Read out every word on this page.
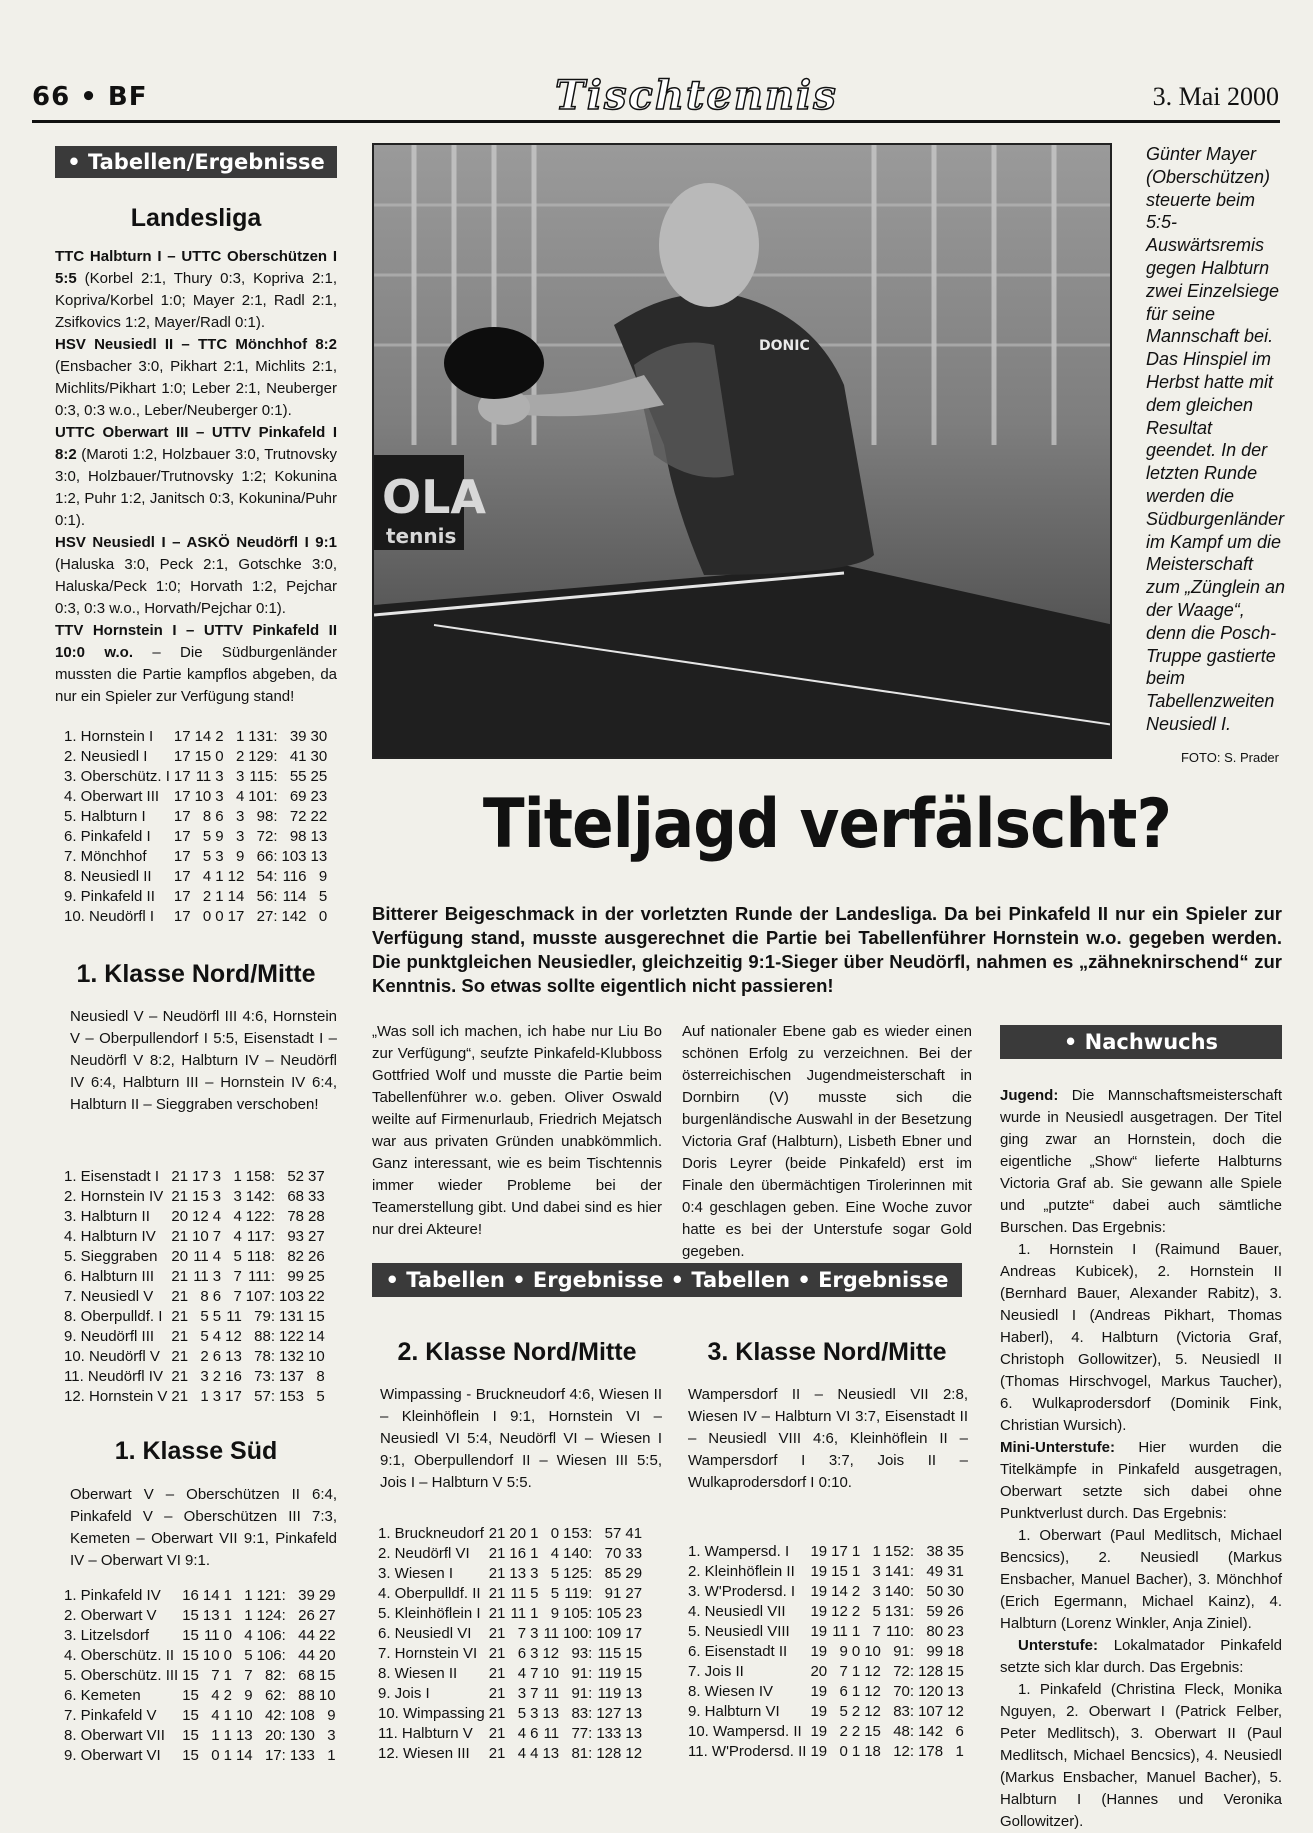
66 • BF	Tischtennis	3. Mai 2000
• Tabellen/Ergebnisse
Landesliga

TTC Halbturn I – UTTC Oberschützen I 5:5 (Korbel 2:1, Thury 0:3, Kopriva 2:1, Kopriva/Korbel 1:0; Mayer 2:1, Radl 2:1, Zsifkovics 1:2, Mayer/Radl 0:1).

HSV Neusiedl II – TTC Mönchhof 8:2 (Ensbacher 3:0, Pikhart 2:1, Michlits 2:1, Michlits/Pikhart 1:0; Leber 2:1, Neuberger 0:3, 0:3 w.o., Leber/Neuberger 0:1).

UTTC Oberwart III – UTTV Pinkafeld I 8:2 (Maroti 1:2, Holzbauer 3:0, Trutnovsky 3:0, Holzbauer/Trutnovsky 1:2; Kokunina 1:2, Puhr 1:2, Janitsch 0:3, Kokunina/Puhr 0:1).

HSV Neusiedl I – ASKÖ Neudörfl I 9:1 (Haluska 3:0, Peck 2:1, Gotschke 3:0, Haluska/Peck 1:0; Horvath 1:2, Pejchar 0:3, 0:3 w.o., Horvath/Pejchar 0:1).

TTV Hornstein I – UTTV Pinkafeld II 10:0 w.o. – Die Südburgenländer mussten die Partie kampflos abgeben, da nur ein Spieler zur Verfügung stand!

1. Hornstein I	17	14	2	1	131:	39	30
2. Neusiedl I	17	15	0	2	129:	41	30
3. Oberschütz. I	17	11	3	3	115:	55	25
4. Oberwart III	17	10	3	4	101:	69	23
5. Halbturn I	17	8	6	3	98:	72	22
6. Pinkafeld I	17	5	9	3	72:	98	13
7. Mönchhof	17	5	3	9	66:	103	13
8. Neusiedl II	17	4	1	12	54:	116	9
9. Pinkafeld II	17	2	1	14	56:	114	5
10. Neudörfl I	17	0	0	17	27:	142	0
1. Klasse Nord/Mitte
Neusiedl V – Neudörfl III 4:6, Hornstein V – Oberpullendorf I 5:5, Eisenstadt I – Neudörfl V 8:2, Halbturn IV – Neudörfl IV 6:4, Halbturn III – Hornstein IV 6:4, Halbturn II – Sieggraben verschoben!
1. Eisenstadt I	21	17	3	1	158:	52	37
2. Hornstein IV	21	15	3	3	142:	68	33
3. Halbturn II	20	12	4	4	122:	78	28
4. Halbturn IV	21	10	7	4	117:	93	27
5. Sieggraben	20	11	4	5	118:	82	26
6. Halbturn III	21	11	3	7	111:	99	25
7. Neusiedl V	21	8	6	7	107:	103	22
8. Oberpulldf. I	21	5	5	11	79:	131	15
9. Neudörfl III	21	5	4	12	88:	122	14
10. Neudörfl V	21	2	6	13	78:	132	10
11. Neudörfl IV	21	3	2	16	73:	137	8
12. Hornstein V	21	1	3	17	57:	153	5
1. Klasse Süd
Oberwart V – Oberschützen II 6:4, Pinkafeld V – Oberschützen III 7:3, Kemeten – Oberwart VII 9:1, Pinkafeld IV – Oberwart VI 9:1.
1. Pinkafeld IV	16	14	1	1	121:	39	29
2. Oberwart V	15	13	1	1	124:	26	27
3. Litzelsdorf	15	11	0	4	106:	44	22
4. Oberschütz. II	15	10	0	5	106:	44	20
5. Oberschütz. III	15	7	1	7	82:	68	15
6. Kemeten	15	4	2	9	62:	88	10
7. Pinkafeld V	15	4	1	10	42:	108	9
8. Oberwart VII	15	1	1	13	20:	130	3
9. Oberwart VI	15	0	1	14	17:	133	1
OLA
tennis
DONIC
Günter Mayer (Oberschützen) steuerte beim 5:5-Auswärtsremis gegen Halbturn zwei Einzelsiege für seine Mannschaft bei. Das Hinspiel im Herbst hatte mit dem gleichen Resultat geendet. In der letzten Runde werden die Südburgenländer im Kampf um die Meisterschaft zum „Zünglein an der Waage“, denn die Posch-Truppe gastierte beim Tabellenzweiten Neusiedl I.
FOTO: S. Prader
Titeljagd verfälscht?
Bitterer Beigeschmack in der vorletzten Runde der Landesliga. Da bei Pinkafeld II nur ein Spieler zur Verfügung stand, musste ausgerechnet die Partie bei Tabellenführer Hornstein w.o. gegeben werden. Die punktgleichen Neusiedler, gleichzeitig 9:1-Sieger über Neudörfl, nahmen es „zähneknirschend“ zur Kenntnis. So etwas sollte eigentlich nicht passieren!
„Was soll ich machen, ich habe nur Liu Bo zur Verfügung“, seufzte Pinkafeld-Klubboss Gottfried Wolf und musste die Partie beim Tabellenführer w.o. geben. Oliver Oswald weilte auf Firmenurlaub, Friedrich Mejatsch war aus privaten Gründen unabkömmlich. Ganz interessant, wie es beim Tischtennis immer wieder Probleme bei der Teamerstellung gibt. Und dabei sind es hier nur drei Akteure!
Auf nationaler Ebene gab es wieder einen schönen Erfolg zu verzeichnen. Bei der österreichischen Jugendmeisterschaft in Dornbirn (V) musste sich die burgenländische Auswahl in der Besetzung Victoria Graf (Halbturn), Lisbeth Ebner und Doris Leyrer (beide Pinkafeld) erst im Finale den übermächtigen Tirolerinnen mit 0:4 geschlagen geben. Eine Woche zuvor hatte es bei der Unterstufe sogar Gold gegeben.
• Nachwuchs

Jugend: Die Mannschaftsmeisterschaft wurde in Neusiedl ausgetragen. Der Titel ging zwar an Hornstein, doch die eigentliche „Show“ lieferte Halbturns Victoria Graf ab. Sie gewann alle Spiele und „putzte“ dabei auch sämtliche Burschen. Das Ergebnis:

1. Hornstein I (Raimund Bauer, Andreas Kubicek), 2. Hornstein II (Bernhard Bauer, Alexander Rabitz), 3. Neusiedl I (Andreas Pikhart, Thomas Haberl), 4. Halbturn (Victoria Graf, Christoph Gollowitzer), 5. Neusiedl II (Thomas Hirschvogel, Markus Taucher), 6. Wulkaprodersdorf (Dominik Fink, Christian Wursich).

Mini-Unterstufe: Hier wurden die Titelkämpfe in Pinkafeld ausgetragen, Oberwart setzte sich dabei ohne Punktverlust durch. Das Ergebnis:

1. Oberwart (Paul Medlitsch, Michael Bencsics), 2. Neusiedl (Markus Ensbacher, Manuel Bacher), 3. Mönchhof (Erich Egermann, Michael Kainz), 4. Halbturn (Lorenz Winkler, Anja Ziniel).

Unterstufe: Lokalmatador Pinkafeld setzte sich klar durch. Das Ergebnis:

1. Pinkafeld (Christina Fleck, Monika Nguyen, 2. Oberwart I (Patrick Felber, Peter Medlitsch), 3. Oberwart II (Paul Medlitsch, Michael Bencsics), 4. Neusiedl (Markus Ensbacher, Manuel Bacher), 5. Halbturn I (Hannes und Veronika Gollowitzer).

• Tabellen • Ergebnisse • Tabellen • Ergebnisse
2. Klasse Nord/Mitte
Wimpassing - Bruckneudorf 4:6, Wiesen II – Kleinhöflein I 9:1, Hornstein VI – Neusiedl VI 5:4, Neudörfl VI – Wiesen I 9:1, Oberpullendorf II – Wiesen III 5:5, Jois I – Halbturn V 5:5.
1. Bruckneudorf	21	20	1	0	153:	57	41
2. Neudörfl VI	21	16	1	4	140:	70	33
3. Wiesen I	21	13	3	5	125:	85	29
4. Oberpulldf. II	21	11	5	5	119:	91	27
5. Kleinhöflein I	21	11	1	9	105:	105	23
6. Neusiedl VI	21	7	3	11	100:	109	17
7. Hornstein VI	21	6	3	12	93:	115	15
8. Wiesen II	21	4	7	10	91:	119	15
9. Jois I	21	3	7	11	91:	119	13
10. Wimpassing	21	5	3	13	83:	127	13
11. Halbturn V	21	4	6	11	77:	133	13
12. Wiesen III	21	4	4	13	81:	128	12
3. Klasse Nord/Mitte
Wampersdorf II – Neusiedl VII 2:8, Wiesen IV – Halbturn VI 3:7, Eisenstadt II – Neusiedl VIII 4:6, Kleinhöflein II – Wampersdorf I 3:7, Jois II – Wulkaprodersdorf I 0:10.
1. Wampersd. I	19	17	1	1	152:	38	35
2. Kleinhöflein II	19	15	1	3	141:	49	31
3. W'Prodersd. I	19	14	2	3	140:	50	30
4. Neusiedl VII	19	12	2	5	131:	59	26
5. Neusiedl VIII	19	11	1	7	110:	80	23
6. Eisenstadt II	19	9	0	10	91:	99	18
7. Jois II	20	7	1	12	72:	128	15
8. Wiesen IV	19	6	1	12	70:	120	13
9. Halbturn VI	19	5	2	12	83:	107	12
10. Wampersd. II	19	2	2	15	48:	142	6
11. W'Prodersd. II	19	0	1	18	12:	178	1
